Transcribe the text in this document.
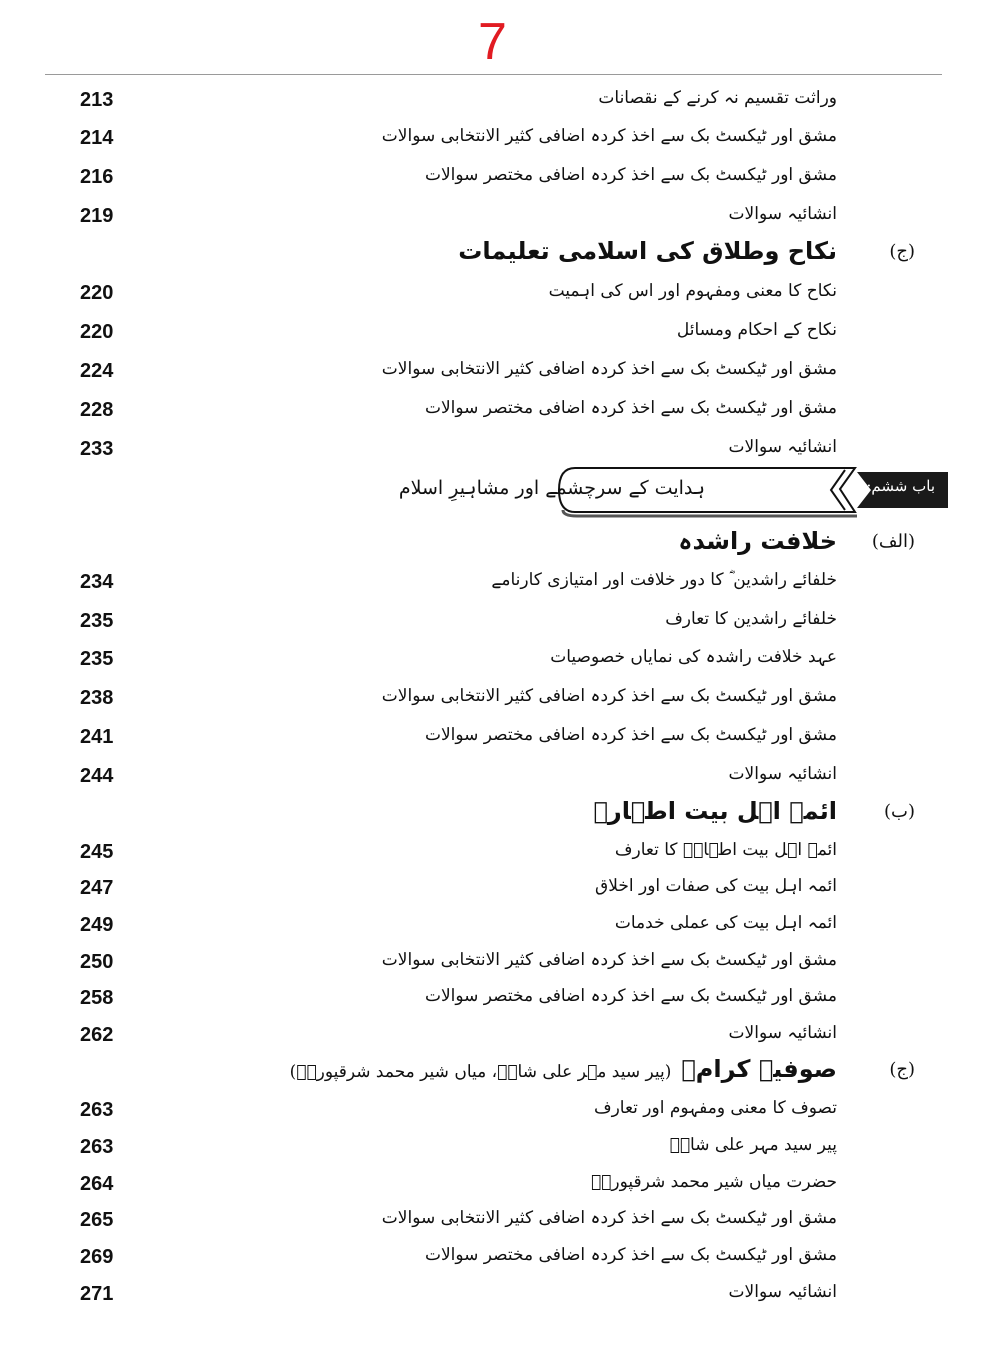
7
ہدایت کے سرچشمے اور مشاہیرِ اسلام	باب ششم:
وراثت تقسیم نہ کرنے کے نقصانات
213
مشق اور ٹیکسٹ بک سے اخذ کردہ اضافی کثیر الانتخابی سوالات
214
مشق اور ٹیکسٹ بک سے اخذ کردہ اضافی مختصر سوالات
216
انشائیہ سوالات
219
(ج)
نکاح وطلاق کی اسلامی تعلیمات
نکاح کا معنی ومفہوم اور اس کی اہمیت
220
نکاح کے احکام ومسائل
220
مشق اور ٹیکسٹ بک سے اخذ کردہ اضافی کثیر الانتخابی سوالات
224
مشق اور ٹیکسٹ بک سے اخذ کردہ اضافی مختصر سوالات
228
انشائیہ سوالات
233
(الف)
خلافت راشدہ
خلفائے راشدین ؓ کا دور خلافت اور امتیازی کارنامے
234
خلفائے راشدین کا تعارف
235
عہد خلافت راشدہ کی نمایاں خصوصیات
235
مشق اور ٹیکسٹ بک سے اخذ کردہ اضافی کثیر الانتخابی سوالات
238
مشق اور ٹیکسٹ بک سے اخذ کردہ اضافی مختصر سوالات
241
انشائیہ سوالات
244
(ب)
ائمہ اہل بیت اطہارؓ
ائمہ اہل بیت اطہارؓ کا تعارف
245
ائمہ اہل بیت کی صفات اور اخلاق
247
ائمہ اہل بیت کی عملی خدمات
249
مشق اور ٹیکسٹ بک سے اخذ کردہ اضافی کثیر الانتخابی سوالات
250
مشق اور ٹیکسٹ بک سے اخذ کردہ اضافی مختصر سوالات
258
انشائیہ سوالات
262
(ج)
صوفیہ کرامؒ(پیر سید مہر علی شاہؒ، میاں شیر محمد شرقپوریؒ)
تصوف کا معنی ومفہوم اور تعارف
263
پیر سید مہر علی شاہؒ
263
حضرت میاں شیر محمد شرقپوریؒ
264
مشق اور ٹیکسٹ بک سے اخذ کردہ اضافی کثیر الانتخابی سوالات
265
مشق اور ٹیکسٹ بک سے اخذ کردہ اضافی مختصر سوالات
269
انشائیہ سوالات
271
